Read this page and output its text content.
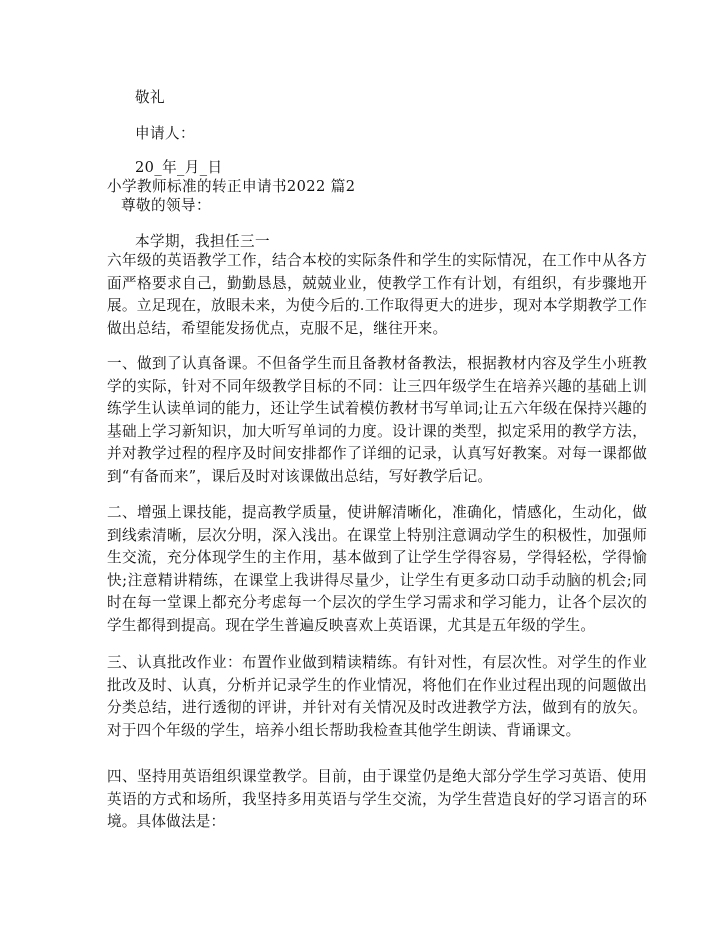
敬礼

申请人：

20_年_月_日

小学教师标准的转正申请书2022 篇2

尊敬的领导：

本学期，我担任三一

六年级的英语教学工作，结合本校的实际条件和学生的实际情况，在工作中从各方面严格要求自己，勤勤恳恳，兢兢业业，使教学工作有计划，有组织，有步骤地开展。立足现在，放眼未来，为使今后的.工作取得更大的进步，现对本学期教学工作做出总结，希望能发扬优点，克服不足，继往开来。

一、做到了认真备课。不但备学生而且备教材备教法，根据教材内容及学生小班教学的实际，针对不同年级教学目标的不同：让三四年级学生在培养兴趣的基础上训练学生认读单词的能力，还让学生试着模仿教材书写单词;让五六年级在保持兴趣的基础上学习新知识，加大听写单词的力度。设计课的类型，拟定采用的教学方法，并对教学过程的程序及时间安排都作了详细的记录，认真写好教案。对每一课都做到“有备而来”，课后及时对该课做出总结，写好教学后记。

二、增强上课技能，提高教学质量，使讲解清晰化，准确化，情感化，生动化，做到线索清晰，层次分明，深入浅出。在课堂上特别注意调动学生的积极性，加强师生交流，充分体现学生的主作用，基本做到了让学生学得容易，学得轻松，学得愉快;注意精讲精练，在课堂上我讲得尽量少，让学生有更多动口动手动脑的机会;同时在每一堂课上都充分考虑每一个层次的学生学习需求和学习能力，让各个层次的学生都得到提高。现在学生普遍反映喜欢上英语课，尤其是五年级的学生。

三、认真批改作业：布置作业做到精读精练。有针对性，有层次性。对学生的作业批改及时、认真，分析并记录学生的作业情况，将他们在作业过程出现的问题做出分类总结，进行透彻的评讲，并针对有关情况及时改进教学方法，做到有的放矢。对于四个年级的学生，培养小组长帮助我检查其他学生朗读、背诵课文。

四、坚持用英语组织课堂教学。目前，由于课堂仍是绝大部分学生学习英语、使用英语的方式和场所，我坚持多用英语与学生交流，为学生营造良好的学习语言的环境。具体做法是：
